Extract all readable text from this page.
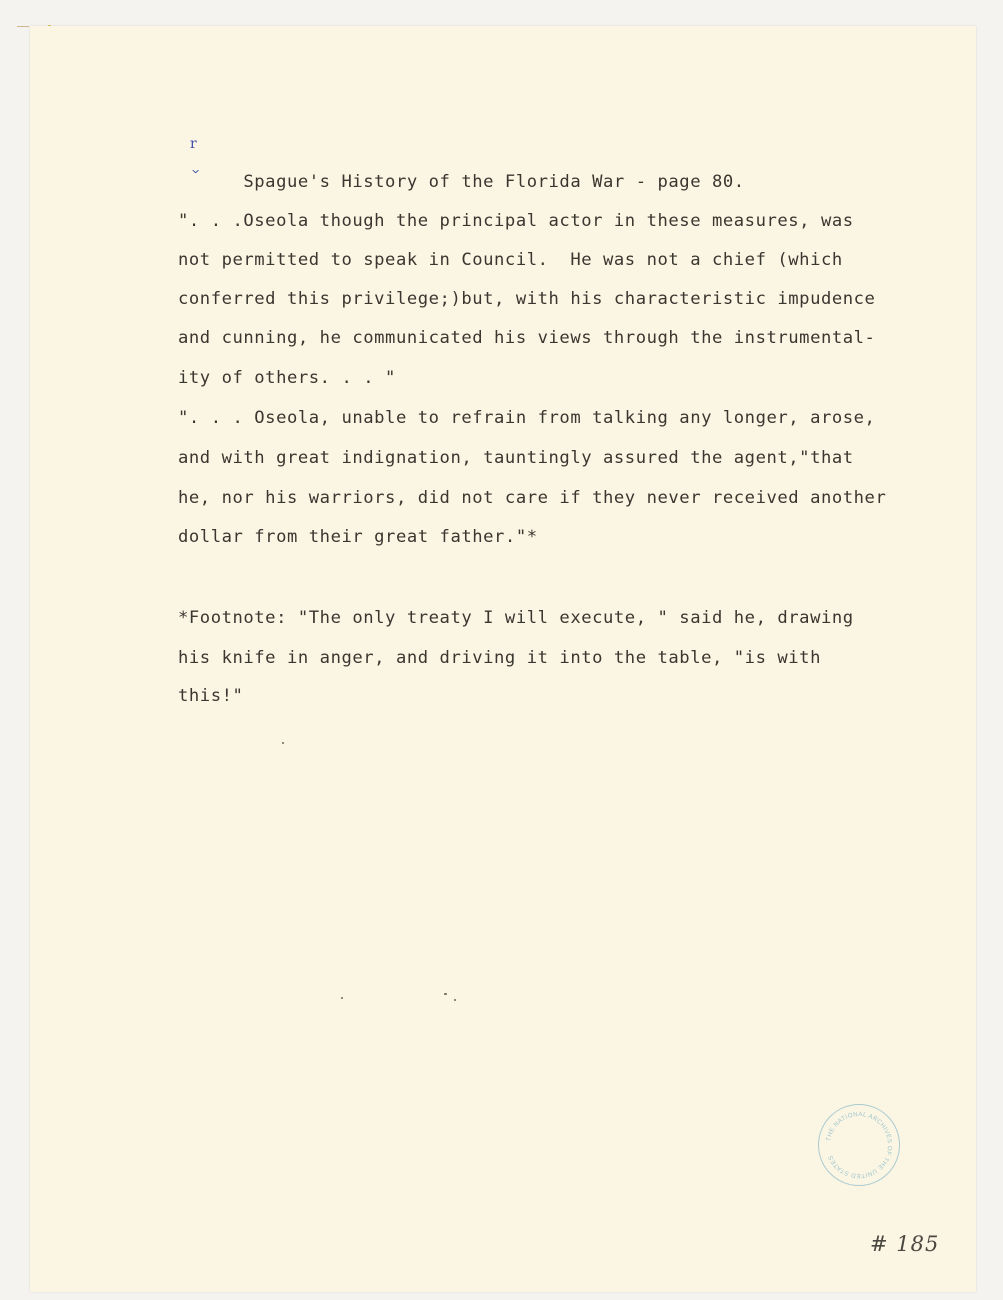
Spague's History of the Florida War - page 80.

r

^

". . .Oseola though the principal actor in these measures, was
not permitted to speak in Council.  He was not a chief (which
conferred this privilege;)but, with his characteristic impudence
and cunning, he communicated his views through the instrumental-
ity of others. . . "
". . . Oseola, unable to refrain from talking any longer, arose,
and with great indignation, tauntingly assured the agent,"that
he, nor his warriors, did not care if they never received another
dollar from their great father."*
*Footnote: "The only treaty I will execute, " said he, drawing
his knife in anger, and driving it into the table, "is with
this!"
THE NATIONAL ARCHIVES OF THE UNITED STATES
# 185
